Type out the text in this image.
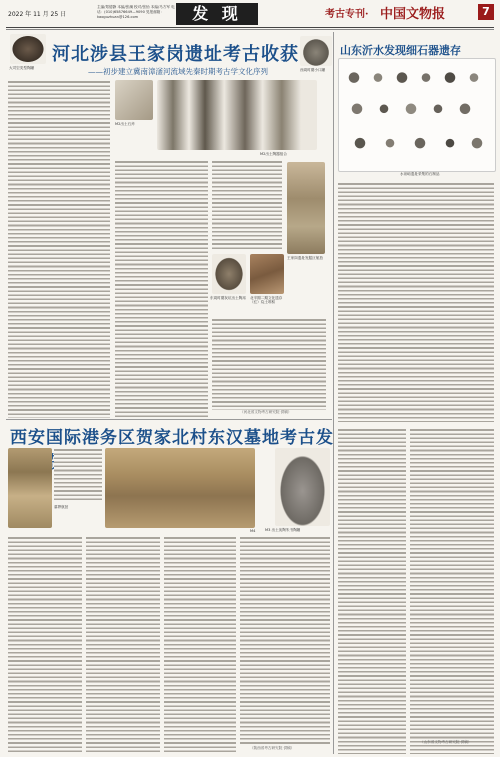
2022 年 11 月 25 日
主编/郑德静 本编/张澜 校对/张怡 本编/马方军 电话：(010)65876649—9090 见报邮箱：kaoguzhuan@126.com	发 现	考古专刊· 中国文物报	7
大司空类型陶罐
河北涉县王家岗遗址考古收获
——初步建立冀南漳滏河流域先秦时期考古学文化序列	西周时期小口罐
M2出土石斧
M2出土陶器组合
东周时期灰坑出土陶鬲
王家岗遗址发掘区航拍
北辛期二期文化遗存（红）烧土堆积
（河北省文物考古研究院 供稿）
山东沂水发现细石器遗存
水泉峪遗址采集的石制品
（山东省文物考古研究院 供稿）
西安国际港务区贺家北村东汉墓地考古发
墓葬航拍
M4	M3 出土灰陶朱书陶罐
（陕西省考古研究院 供稿）
